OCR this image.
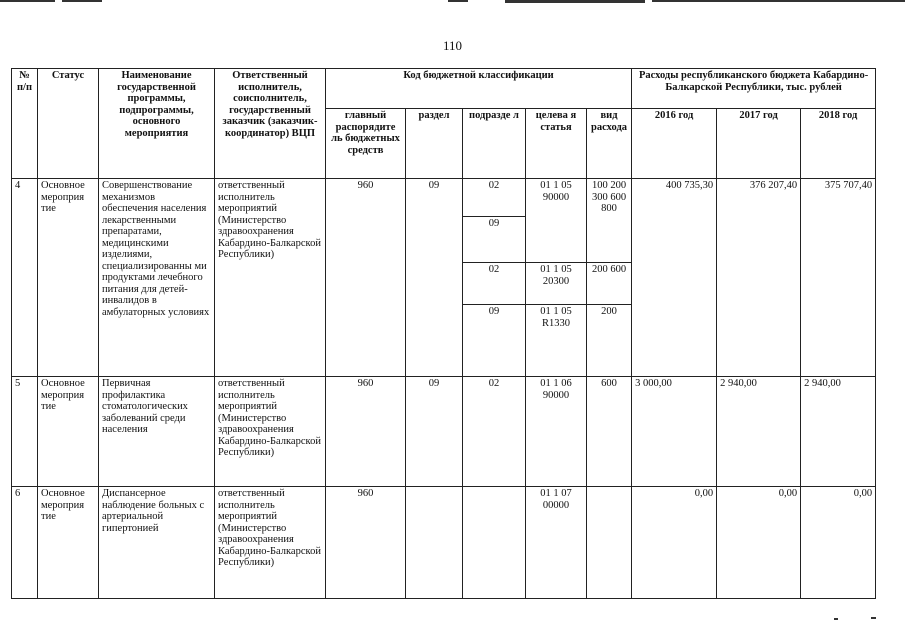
110
№ п/п	Статус	Наименование государственной программы, подпрограммы, основного мероприятия	Ответственный исполнитель, соисполнитель, государственный заказчик (заказчик-координатор) ВЦП	Код бюджетной классификации					Расходы республиканского бюджета Кабардино-Балкарской Республики, тыс. рублей		
				главный распорядите ль бюджетных средств	раздел	подразде л	целева я статья	вид расхода	2016 год	2017 год	2018 год
4	Основное мероприя тие	Совершенствование механизмов обеспечения населения лекарственными препаратами, медицинскими изделиями, специализированны ми продуктами лечебного питания для детей-инвалидов в амбулаторных условиях	ответственный исполнитель мероприятий (Министерство здравоохранения Кабардино-Балкарской Республики)	960	09	02	01 1 05 90000	100 200 300 600 800	400 735,30	376 207,40	375 707,40
						09					
						02	01 1 05 20300	200 600			
						09	01 1 05 R1330	200			
5	Основное мероприя тие	Первичная профилактика стоматологических заболеваний среди населения	ответственный исполнитель мероприятий (Министерство здравоохранения Кабардино-Балкарской Республики)	960	09	02	01 1 06 90000	600	3 000,00	2 940,00	2 940,00
6	Основное мероприя тие	Диспансерное наблюдение больных с артериальной гипертонией	ответственный исполнитель мероприятий (Министерство здравоохранения Кабардино-Балкарской Республики)	960			01 1 07 00000		0,00	0,00	0,00
